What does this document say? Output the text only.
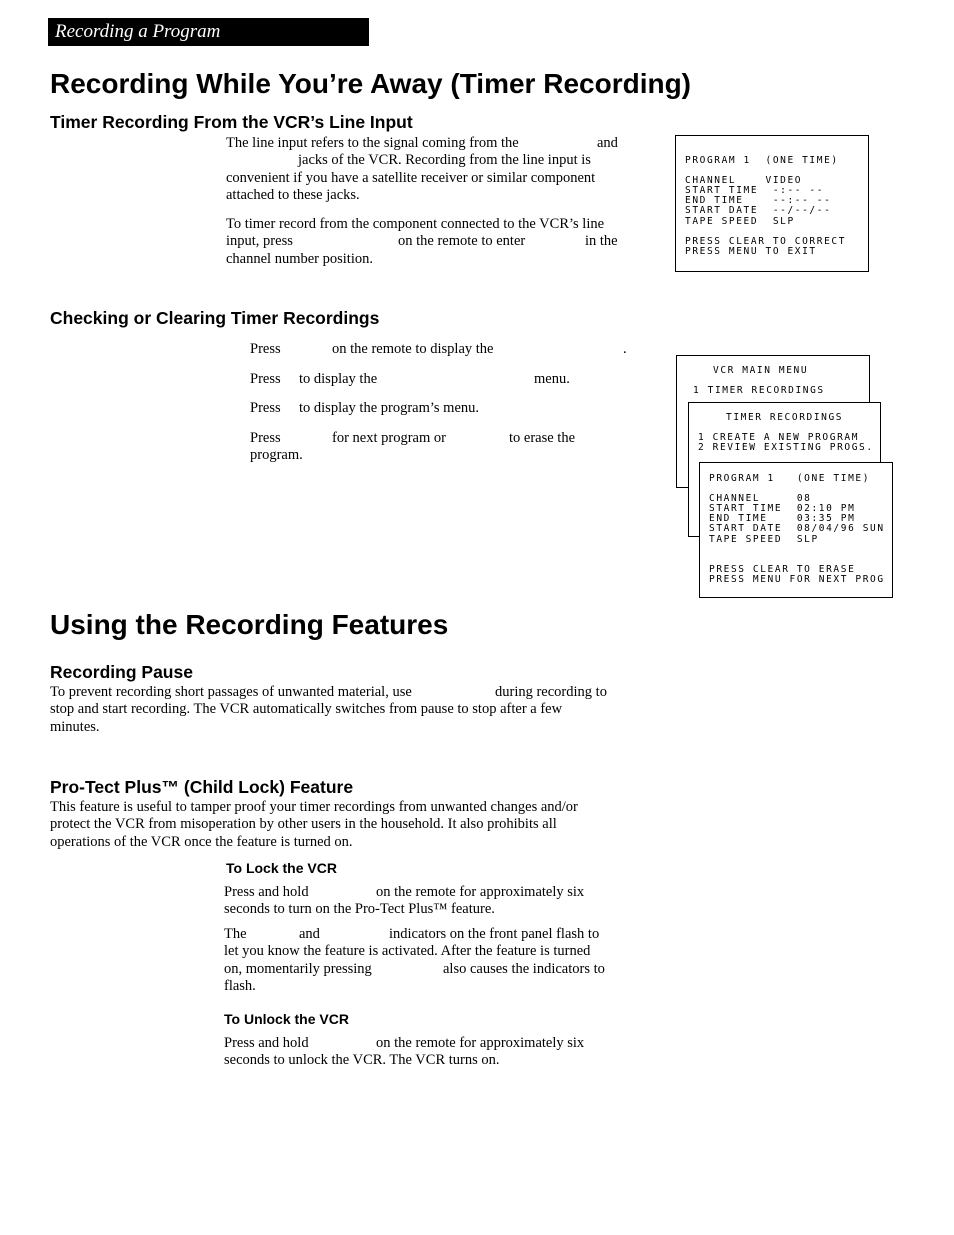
Recording a Program
Recording While You’re Away (Timer Recording)
Timer Recording From the VCR’s Line Input
The line input refers to the signal coming from the	and
jacks of the VCR. Recording from the line input is
convenient if you have a satellite receiver or similar component
attached to these jacks.
To timer record from the component connected to the VCR’s line
input, press	on the remote to enter	in the
channel number position.
PROGRAM 1  (ONE TIME)

CHANNEL    VIDEO
START TIME  -:-- --
END TIME    --:-- --
START DATE  --/--/--
TAPE SPEED  SLP

PRESS CLEAR TO CORRECT
PRESS MENU TO EXIT
Checking or Clearing Timer Recordings
Press	on the remote to display the	.
Press to display the	menu.
Press to display the program’s menu.
Press	for next program or	to erase the
program.
VCR MAIN MENU

1 TIMER RECORDINGS
TIMER RECORDINGS

1 CREATE A NEW PROGRAM
2 REVIEW EXISTING PROGS.
PROGRAM 1   (ONE TIME)

CHANNEL     08
START TIME  02:10 PM
END TIME    03:35 PM
START DATE  08/04/96 SUN
TAPE SPEED  SLP

PRESS CLEAR TO ERASE
PRESS MENU FOR NEXT PROG
Using the Recording Features
Recording Pause
To prevent recording short passages of unwanted material, use	during recording to
stop and start recording. The VCR automatically switches from pause to stop after a few
minutes.
Pro-Tect Plus™ (Child Lock) Feature
This feature is useful to tamper proof your timer recordings from unwanted changes and/or
protect the VCR from misoperation by other users in the household. It also prohibits all
operations of the VCR once the feature is turned on.
To Lock the VCR
Press and hold	on the remote for approximately six
seconds to turn on the Pro-Tect Plus™ feature.
The	and	indicators on the front panel flash to
let you know the feature is activated. After the feature is turned
on, momentarily pressing	also causes the indicators to
flash.
To Unlock the VCR
Press and hold	on the remote for approximately six
seconds to unlock the VCR. The VCR turns on.
